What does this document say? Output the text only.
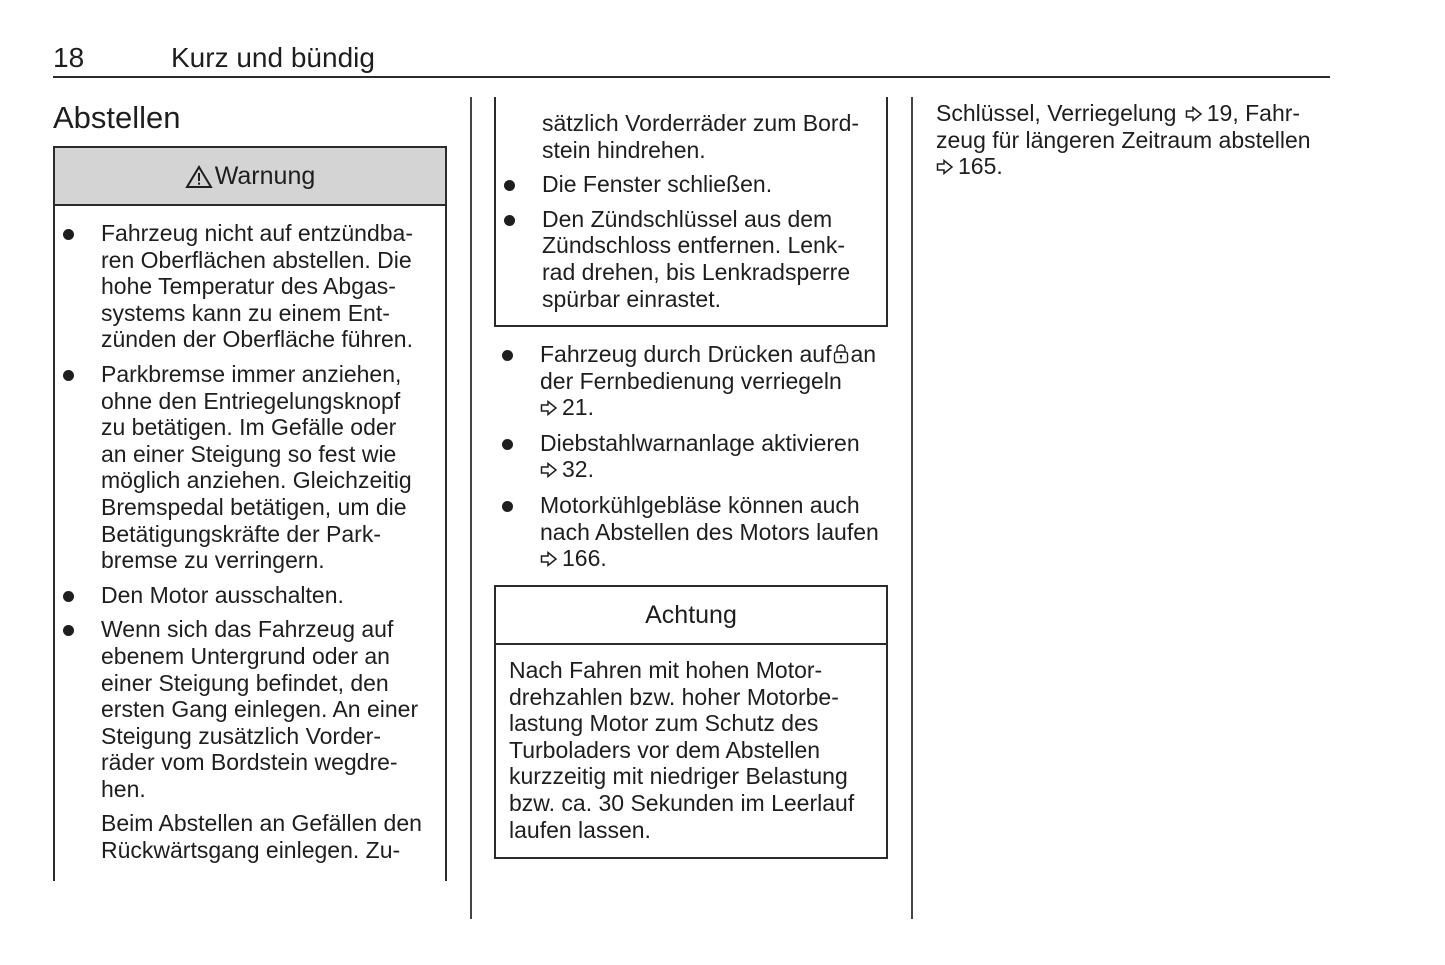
18	Kurz und bündig
Abstellen
Warnung
Fahrzeug nicht auf entzündba-
ren Oberflächen abstellen. Die
hohe Temperatur des Abgas-
systems kann zu einem Ent-
zünden der Oberfläche führen.
Parkbremse immer anziehen,
ohne den Entriegelungsknopf
zu betätigen. Im Gefälle oder
an einer Steigung so fest wie
möglich anziehen. Gleichzeitig
Bremspedal betätigen, um die
Betätigungskräfte der Park-
bremse zu verringern.
Den Motor ausschalten.
Wenn sich das Fahrzeug auf
ebenem Untergrund oder an
einer Steigung befindet, den
ersten Gang einlegen. An einer
Steigung zusätzlich Vorder-
räder vom Bordstein wegdre-
hen.
Beim Abstellen an Gefällen den
Rückwärtsgang einlegen. Zu-
sätzlich Vorderräder zum Bord-
stein hindrehen.
Die Fenster schließen.
Den Zündschlüssel aus dem
Zündschloss entfernen. Lenk-
rad drehen, bis Lenkradsperre
spürbar einrastet.
Fahrzeug durch Drücken auf an
der Fernbedienung verriegeln
21.
Diebstahlwarnanlage aktivieren
32.
Motorkühlgebläse können auch
nach Abstellen des Motors laufen
166.
Achtung
Nach Fahren mit hohen Motor-
drehzahlen bzw. hoher Motorbe-
lastung Motor zum Schutz des
Turboladers vor dem Abstellen
kurzzeitig mit niedriger Belastung
bzw. ca. 30 Sekunden im Leerlauf
laufen lassen.
Schlüssel, Verriegelung 19, Fahr-
zeug für längeren Zeitraum abstellen
165.
